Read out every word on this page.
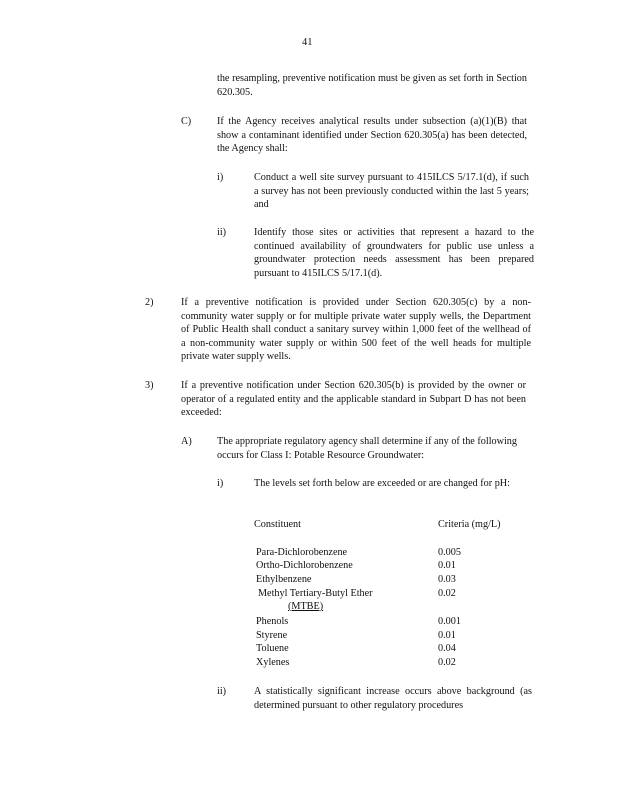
41
the resampling, preventive notification must be given as set forth in Section 620.305.
C)	If the Agency receives analytical results under subsection (a)(1)(B) that show a contaminant identified under Section 620.305(a) has been detected, the Agency shall:
i)	Conduct a well site survey pursuant to 415ILCS 5/17.1(d), if such a survey has not been previously conducted within the last 5 years; and
ii)	Identify those sites or activities that represent a hazard to the continued availability of groundwaters for public use unless a groundwater protection needs assessment has been prepared pursuant to 415ILCS 5/17.1(d).
2)	If a preventive notification is provided under Section 620.305(c) by a non-community water supply or for multiple private water supply wells, the Department of Public Health shall conduct a sanitary survey within 1,000 feet of the wellhead of a non-community water supply or within 500 feet of the well heads for multiple private water supply wells.
3)	If a preventive notification under Section 620.305(b) is provided by the owner or operator of a regulated entity and the applicable standard in Subpart D has not been exceeded:
A) The appropriate regulatory agency shall determine if any of the following occurs for Class I: Potable Resource Groundwater:
i)	The levels set forth below are exceeded or are changed for pH:
Constituent	Criteria (mg/L)
Para-Dichlorobenzene	0.005
Ortho-Dichlorobenzene	0.01
Ethylbenzene	0.03
Methyl Tertiary-Butyl Ether	0.02
(MTBE)
Phenols	0.001
Styrene	0.01
Toluene	0.04
Xylenes	0.02
ii)	A statistically significant increase occurs above background (as determined pursuant to other regulatory procedures
